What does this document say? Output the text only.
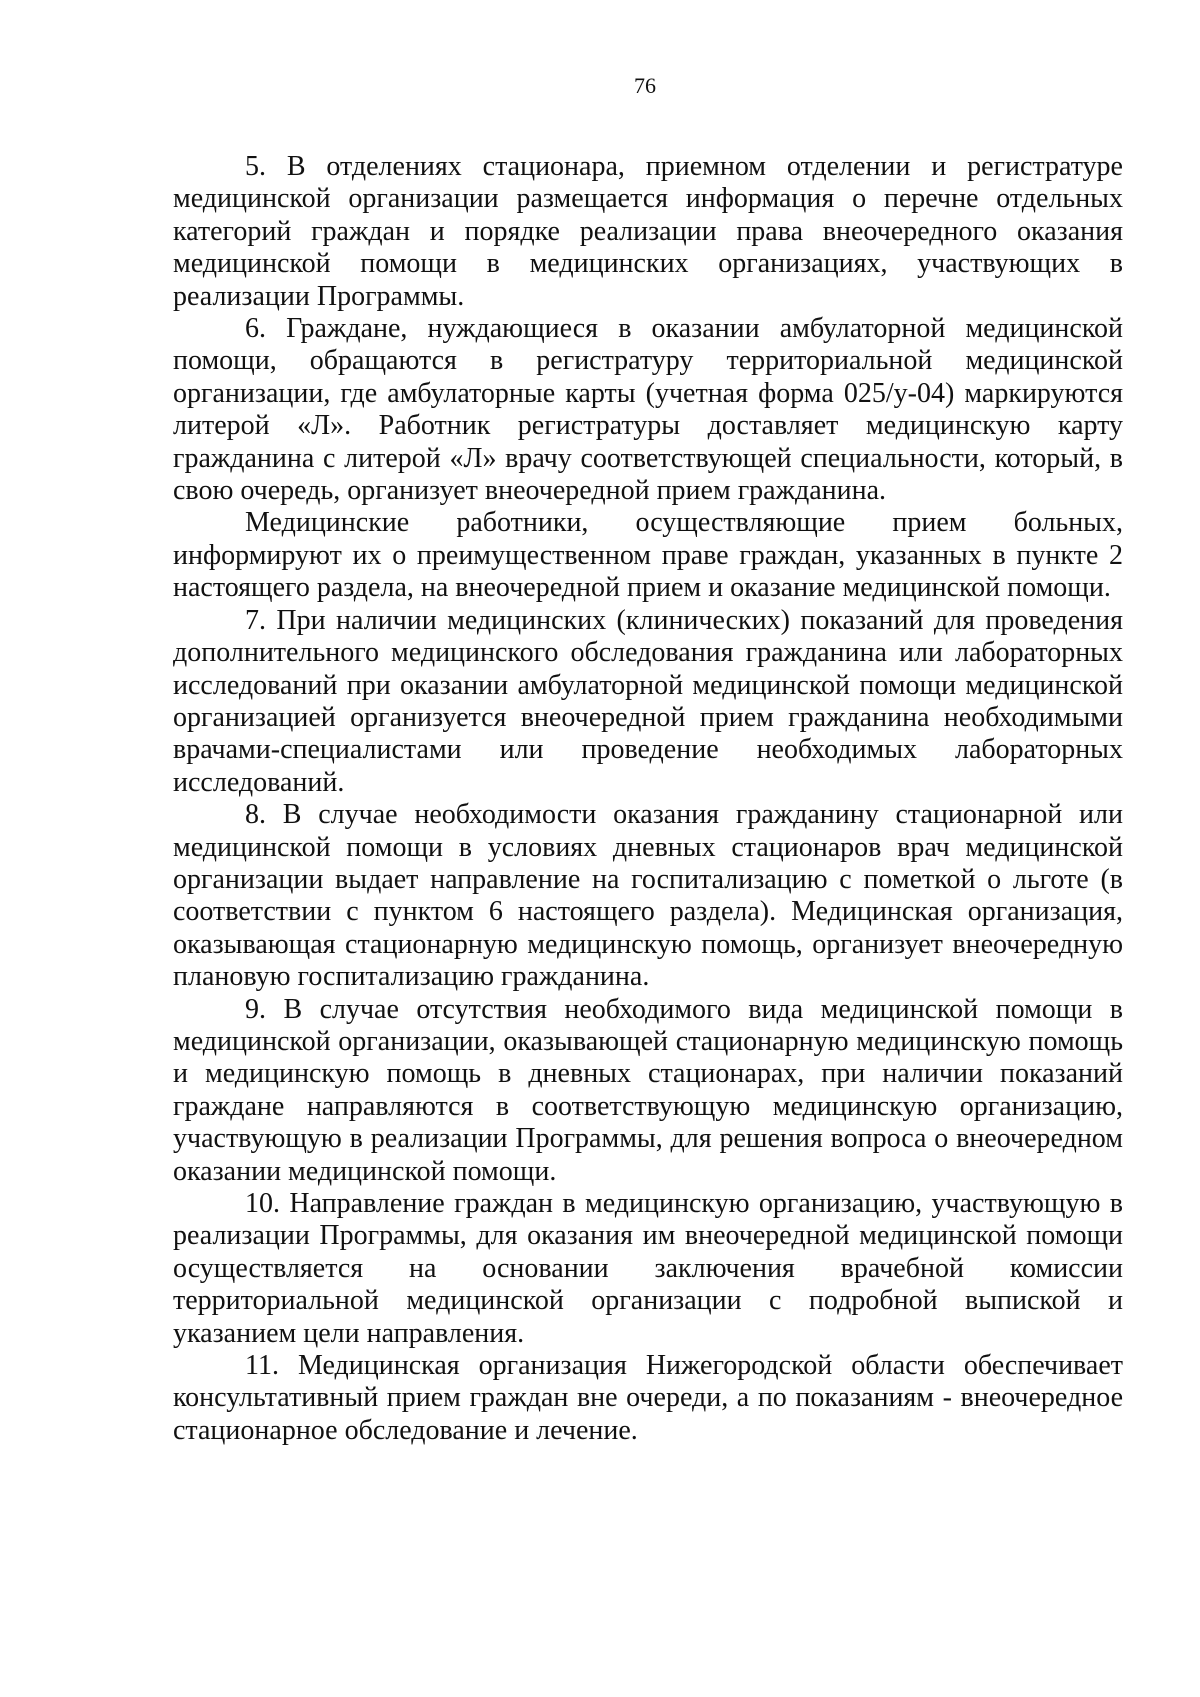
76

5. В отделениях стационара, приемном отделении и регистратуре медицинской организации размещается информация о перечне отдельных категорий граждан и порядке реализации права внеочередного оказания медицинской помощи в медицинских организациях, участвующих в реализации Программы.

6. Граждане, нуждающиеся в оказании амбулаторной медицинской помощи, обращаются в регистратуру территориальной медицинской организации, где амбулаторные карты (учетная форма 025/у-04) маркируются литерой «Л». Работник регистратуры доставляет медицинскую карту гражданина с литерой «Л» врачу соответствующей специальности, который, в свою очередь, организует внеочередной прием гражданина.

Медицинские работники, осуществляющие прием больных, информируют их о преимущественном праве граждан, указанных в пункте 2 настоящего раздела, на внеочередной прием и оказание медицинской помощи.

7. При наличии медицинских (клинических) показаний для проведения дополнительного медицинского обследования гражданина или лабораторных исследований при оказании амбулаторной медицинской помощи медицинской организацией организуется внеочередной прием гражданина необходимыми врачами-специалистами или проведение необходимых лабораторных исследований.

8. В случае необходимости оказания гражданину стационарной или медицинской помощи в условиях дневных стационаров врач медицинской организации выдает направление на госпитализацию с пометкой о льготе (в соответствии с пунктом 6 настоящего раздела). Медицинская организация, оказывающая стационарную медицинскую помощь, организует внеочередную плановую госпитализацию гражданина.

9. В случае отсутствия необходимого вида медицинской помощи в медицинской организации, оказывающей стационарную медицинскую помощь и медицинскую помощь в дневных стационарах, при наличии показаний граждане направляются в соответствующую медицинскую организацию, участвующую в реализации Программы, для решения вопроса о внеочередном оказании медицинской помощи.

10. Направление граждан в медицинскую организацию, участвующую в реализации Программы, для оказания им внеочередной медицинской помощи осуществляется на основании заключения врачебной комиссии территориальной медицинской организации с подробной выпиской и указанием цели направления.

11. Медицинская организация Нижегородской области обеспечивает консультативный прием граждан вне очереди, а по показаниям - внеочередное стационарное обследование и лечение.
